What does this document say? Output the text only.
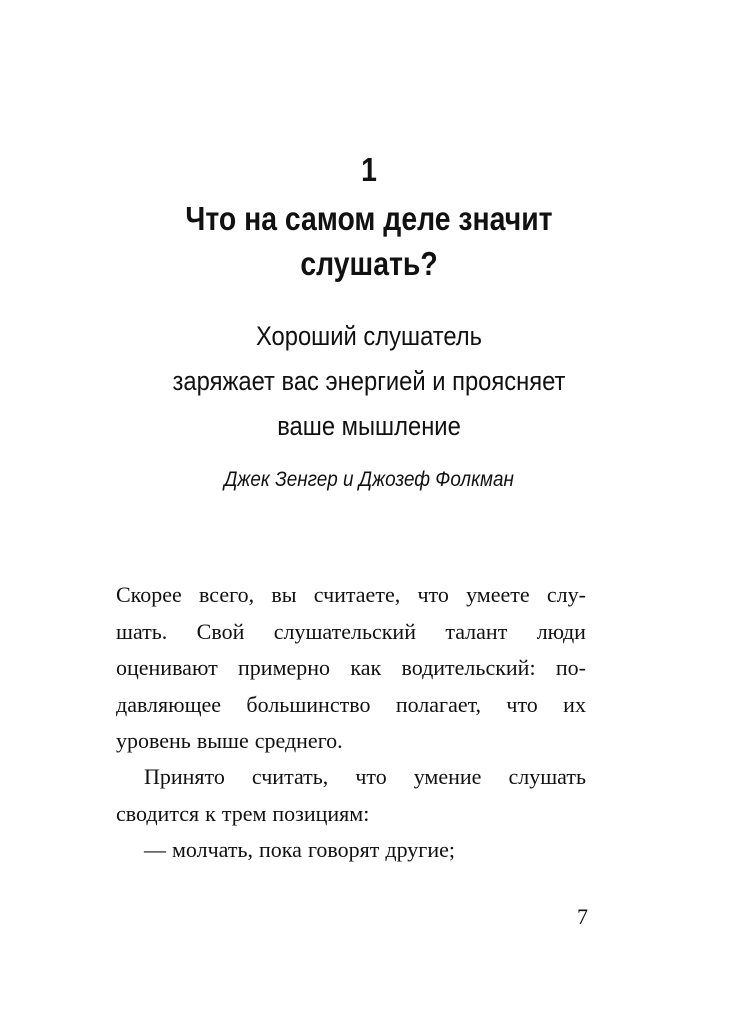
1
Что на самом деле значит
слушать?
Хороший слушатель
заряжает вас энергией и проясняет
ваше мышление
Джек Зенгер и Джозеф Фолкман
Скорее всего, вы считаете, что умеете слу-
шать. Свой слушательский талант люди
оценивают примерно как водительский: по-
давляющее большинство полагает, что их
уровень выше среднего.
Принято считать, что умение слушать
сводится к трем позициям:
— молчать, пока говорят другие;
7
